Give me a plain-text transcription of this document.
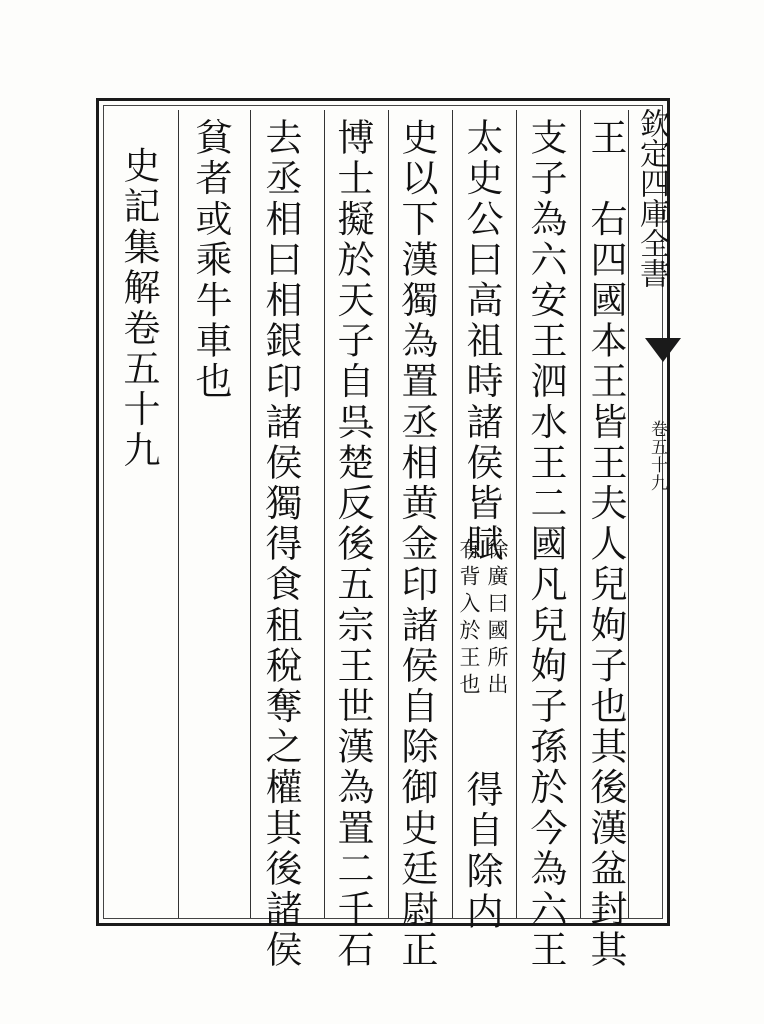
欽定四庫全書
卷五十九
王　右四國本王皆王夫人兒姁子也其後漢盆封其
支子為六安王泗水王二國凡兒姁子孫於今為六王
太史公曰高祖時諸侯皆賦
徐廣曰國所出
有背入於王也
得自除内
史以下漢獨為置丞相黄金印諸侯自除御史廷尉正
博士擬於天子自呉楚反後五宗王世漢為置二千石
去丞相曰相銀印諸侯獨得食租稅奪之權其後諸侯
貧者或乘牛車也
史記集解卷五十九
